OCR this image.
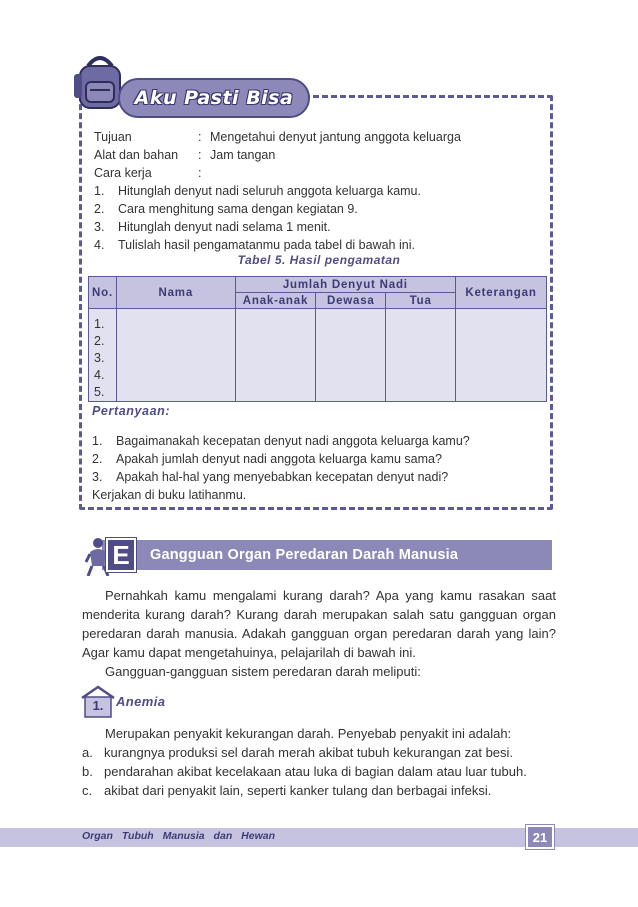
Aku Pasti Bisa
Tujuan	: Mengetahui denyut jantung anggota keluarga
Alat dan bahan	: Jam tangan
Cara kerja	:
1.	Hitunglah denyut nadi seluruh anggota keluarga kamu.
2.	Cara menghitung sama dengan kegiatan 9.
3.	Hitunglah denyut nadi selama 1 menit.
4.	Tulislah hasil pengamatanmu pada tabel di bawah ini.
Tabel 5. Hasil pengamatan
No.	Nama	Jumlah Denyut Nadi			Keterangan
		Anak-anak	Dewasa	Tua	

1.
2.
3.
4.
5.					

Pertanyaan:
1.	Bagaimanakah kecepatan denyut nadi anggota keluarga kamu?
2.	Apakah jumlah denyut nadi anggota keluarga kamu sama?
3.	Apakah hal-hal yang menyebabkan kecepatan denyut nadi?
Kerjakan di buku latihanmu.
Gangguan Organ Peredaran Darah Manusia
E

Pernahkah kamu mengalami kurang darah? Apa yang kamu rasakan saat menderita kurang darah? Kurang darah merupakan salah satu gangguan organ peredaran darah manusia. Adakah gangguan organ peredaran darah yang lain? Agar kamu dapat mengetahuinya, pelajarilah di bawah ini.

Gangguan-gangguan sistem peredaran darah meliputi:

1. Anemia

Merupakan penyakit kekurangan darah. Penyebab penyakit ini adalah:

a. kurangnya produksi sel darah merah akibat tubuh kekurangan zat besi.
b. pendarahan akibat kecelakaan atau luka di bagian dalam atau luar tubuh.
c. akibat dari penyakit lain, seperti kanker tulang dan berbagai infeksi.
Organ Tubuh Manusia dan Hewan	21
